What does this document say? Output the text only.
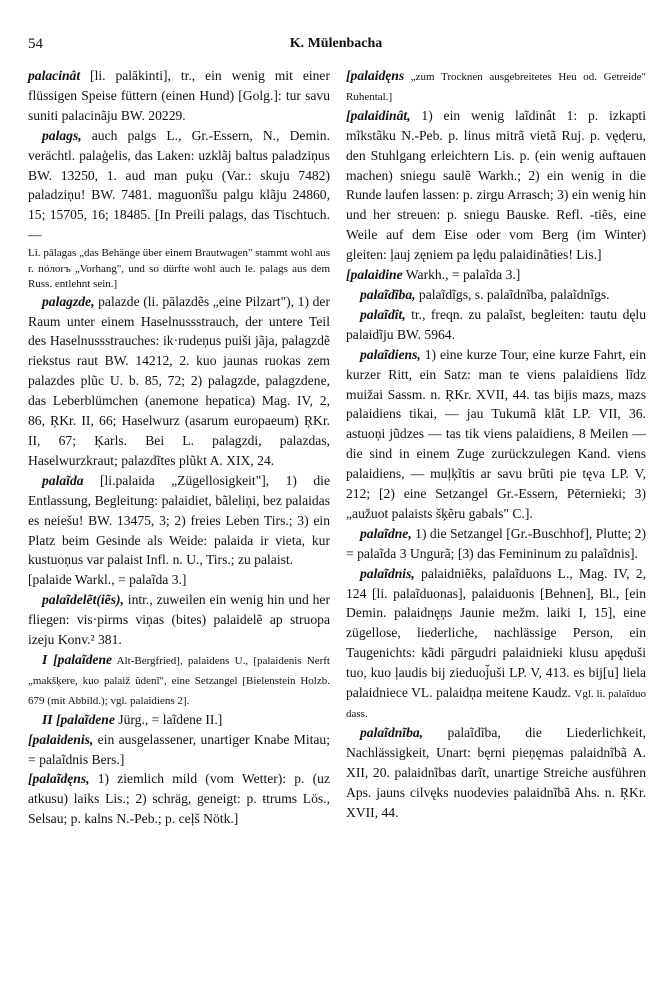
54	K. Mülenbacha

palacinât [li. palākinti], tr., ein wenig mit einer flüssigen Speise füttern (einen Hund) [Golg.]: tur savu suniti palacinãju BW. 20229.

palags, auch palgs L., Gr.-Essern, N., Demin. verächtl. palaģelis, das Laken: uzklãj baltus paladziņus BW. 13250, 1. aud man puķu (Var.: skuju 7482) paladziņu! BW. 7481. maguonĩšu palgu klãju 24860, 15; 15705, 16; 18485. [In Preili palags, das Tischtuch.—

Li. pālagas „das Behänge über einem Brautwagen" stammt wohl aus r. пóлогъ „Vorhang", und so dürfte wohl auch le. palags aus dem Russ. entlehnt sein.]

palagzde, palazde (li. pālazdẽs „eine Pilzart"), 1) der Raum unter einem Haselnussstrauch, der untere Teil des Haselnussstrauches: ik·rudeņus puiši jãja, palagzdẽ riekstus raut BW. 14212, 2. kuo jaunas ruokas zem palazdes plũc U. b. 85, 72; 2) palagzde, palagzdene, das Leberblümchen (anemone hepatica) Mag. IV, 2, 86, ŖKr. II, 66; Haselwurz (asarum europaeum) ŖKr. II, 67; Ķarls. Bei L. palagzdi, palazdas, Haselwurzkraut; palazdĩtes plũkt A. XIX, 24.

palaĩda [li.palaida „Zügellosigkeit"], 1) die Entlassung, Begleitung: palaidiet, bãleliņi, bez palaidas es neiešu! BW. 13475, 3; 2) freies Leben Tirs.; 3) ein Platz beim Gesinde als Weide: palaida ir vieta, kur kustuoņus var palaist Infl. n. U., Tirs.; zu palaist.

[palaide Warkl., = palaĩda 3.]

palaĩdelẽt(iẽs), intr., zuweilen ein wenig hin und her fliegen: vis·pirms viņas (bites) palaidelẽ ap struopa izeju Konv.² 381.

I [palaĩdene Alt-Bergfried], palaidens U., [palaidenis Nerft „makšķere, kuo palaiž ũdenĩ", eine Setzangel [Bielenstein Holzb. 679 (mit Abbild.); vgl. palaidiens 2].

II [palaĩdene Jürg., = laĩdene II.]

[palaidenis, ein ausgelassener, unartiger Knabe Mitau; = palaĩdnis Bers.]

[palaĩdęns, 1) ziemlich mild (vom Wetter): p. (uz atkusu) laiks Lis.; 2) schräg, geneigt: p. ŧtrums Lös., Selsau; p. kalns N.-Peb.; p. ceļš Nötk.]

[palaidęns „zum Trocknen ausgebreitetes Heu od. Getreide" Ruhental.]

[palaidinât, 1) ein wenig laĩdinât 1: p. izkapti mĩkstãku N.-Peb. p. linus mitrã vietã Ruj. p. vęd̨eru, den Stuhlgang erleichtern Lis. p. (ein wenig auftauen machen) sniegu saulẽ Warkh.; 2) ein wenig in die Runde laufen lassen: p. zirgu Arrasch; 3) ein wenig hin und her streuen: p. sniegu Bauske. Refl. -tiẽs, eine Weile auf dem Eise oder vom Berg (im Winter) gleiten: ļauj zęniem pa lędu palaidinãties! Lis.]

[palaidine Warkh., = palaĩda 3.]

palaĩdĩba, palaĩdĩgs, s. palaĩdnĩba, palaĩdnĩgs.

palaĩdît, tr., freqn. zu palaĩst, begleiten: tautu dęlu palaidĩju BW. 5964.

palaĩdiens, 1) eine kurze Tour, eine kurze Fahrt, ein kurzer Ritt, ein Satz: man te viens palaidiens lĩdz muižai Sassm. n. ŖKr. XVII, 44. tas bijis mazs, mazs palaidiens tikai, — jau Tukumã klãt LP. VII, 36. astuoņi jũdzes — tas tik viens palaidiens, 8 Meilen — die sind in einem Zuge zurückzulegen Kand. viens palaidiens, — muļķĩtis ar savu brũti pie tęva LP. V, 212; [2) eine Setzangel Gr.-Essern, Pēternieki; 3) „aužuot palaists šķẽru gabals" C.].

palaĩdne, 1) die Setzangel [Gr.-Buschhof], Plutte; 2) = palaĩda 3 Ungurã; [3) das Femininum zu palaĩdnis].

palaĩdnis, palaidniẽks, palaĩduons L., Mag. IV, 2, 124 [li. palaĩduonas], palaiduonis [Behnen], Bl., [ein Demin. palaidnęņs Jaunie mežm. laiki I, 15], eine zügellose, liederliche, nachlässige Person, ein Taugenichts: kãdi pārgudri palaidnieki klusu apęduši tuo, kuo ļaudis bij zieduoj̆uši LP. V, 413. es bij[u] liela palaidniece VL. palaidņa meitene Kaudz. Vgl. li. palaĩduo dass.

palaĩdnĩba, palaĩdĩba, die Liederlichkeit, Nachlässigkeit, Unart: bęrni pieņęmas palaidnĩbã A. XII, 20. palaidnĩbas darĩt, unartige Streiche ausführen Aps. jauns cilvęks nuodevies palaidnĩbã Ahs. n. ŖKr. XVII, 44.
